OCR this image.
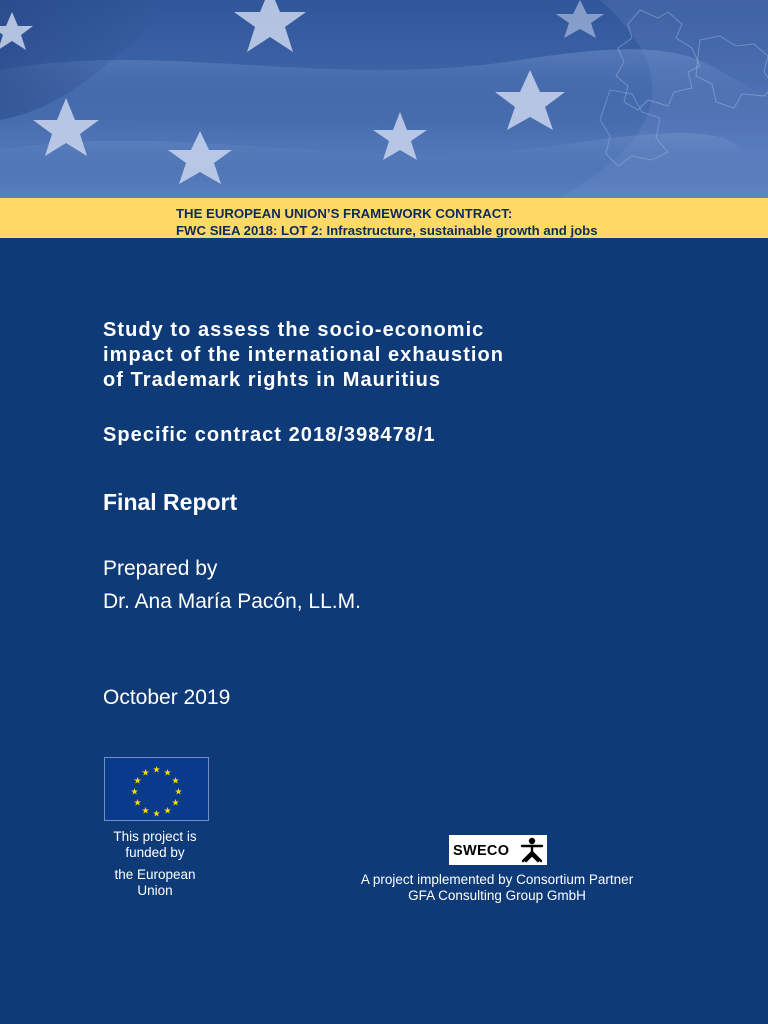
THE EUROPEAN UNION’S FRAMEWORK CONTRACT:
FWC SIEA 2018: LOT 2: Infrastructure, sustainable growth and jobs
Study to assess the socio-economic
impact of the international exhaustion
of Trademark rights in Mauritius
Specific contract 2018/398478/1
Final Report
Prepared by
Dr. Ana María Pacón, LL.M.
October 2019
★ ★
★
★
★
★
★
★
★
★
★
★
This project is
funded by
the European
Union
SWECO
A project implemented by Consortium Partner
GFA Consulting Group GmbH
